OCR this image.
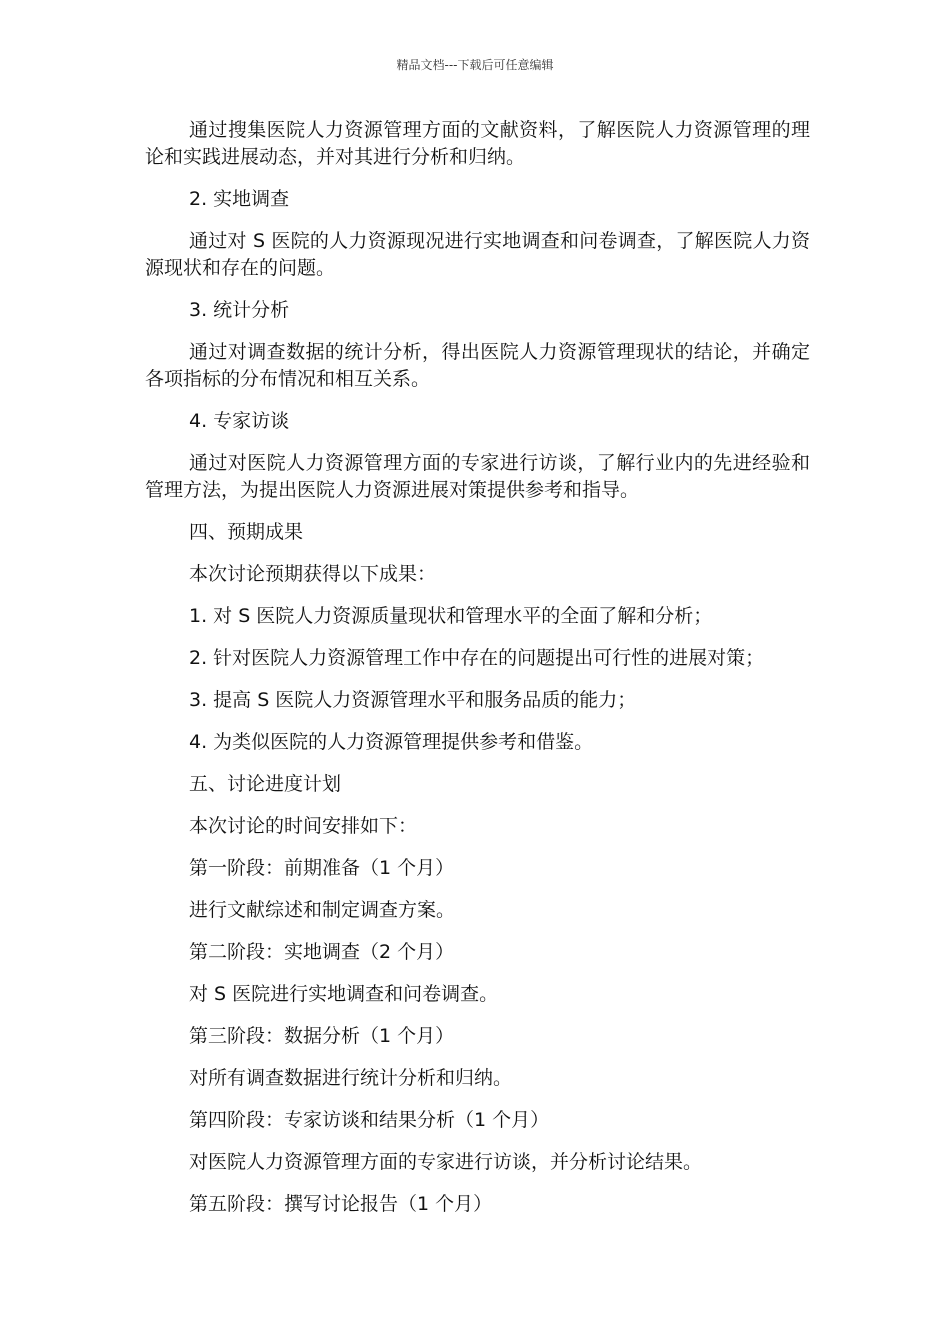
精品文档---下载后可任意编辑

通过搜集医院人力资源管理方面的文献资料，了解医院人力资源管理的理论和实践进展动态，并对其进行分析和归纳。

2. 实地调查

通过对 S 医院的人力资源现况进行实地调查和问卷调查，了解医院人力资源现状和存在的问题。

3. 统计分析

通过对调查数据的统计分析，得出医院人力资源管理现状的结论，并确定各项指标的分布情况和相互关系。

4. 专家访谈

通过对医院人力资源管理方面的专家进行访谈，了解行业内的先进经验和管理方法，为提出医院人力资源进展对策提供参考和指导。

四、预期成果
本次讨论预期获得以下成果：
1. 对 S 医院人力资源质量现状和管理水平的全面了解和分析；
2. 针对医院人力资源管理工作中存在的问题提出可行性的进展对策；
3. 提高 S 医院人力资源管理水平和服务品质的能力；
4. 为类似医院的人力资源管理提供参考和借鉴。
五、讨论进度计划
本次讨论的时间安排如下：
第一阶段：前期准备（1 个月）
进行文献综述和制定调查方案。
第二阶段：实地调查（2 个月）
对 S 医院进行实地调查和问卷调查。
第三阶段：数据分析（1 个月）
对所有调查数据进行统计分析和归纳。
第四阶段：专家访谈和结果分析（1 个月）
对医院人力资源管理方面的专家进行访谈，并分析讨论结果。
第五阶段：撰写讨论报告（1 个月）
